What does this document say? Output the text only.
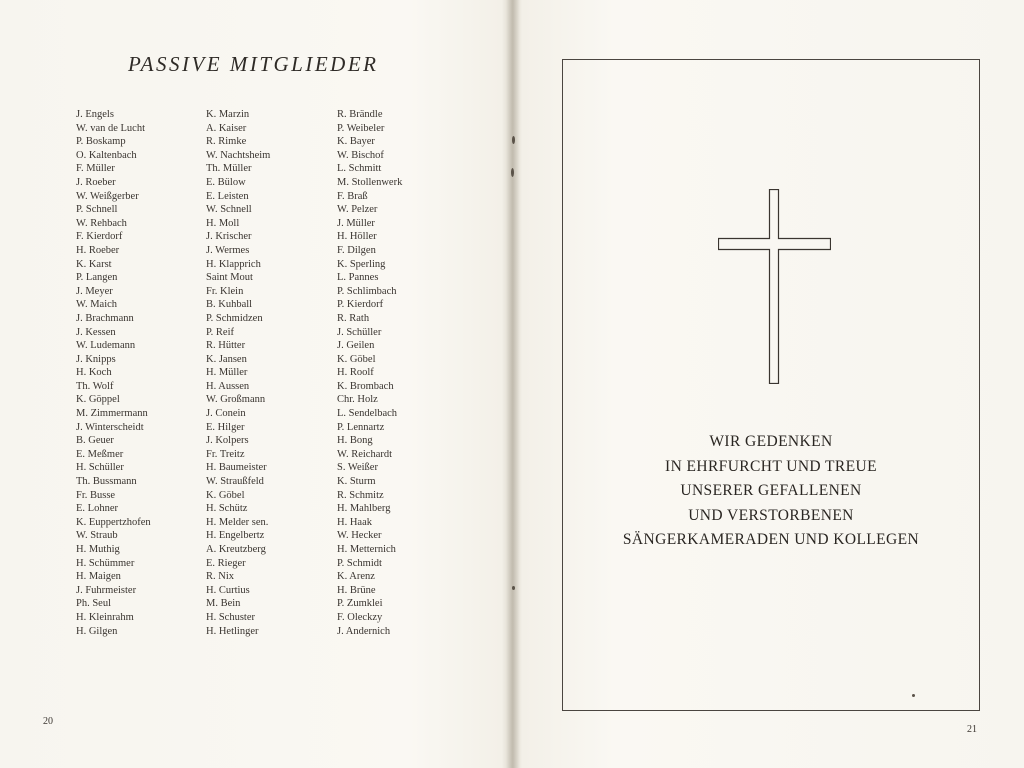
PASSIVE MITGLIEDER
J. Engels
W. van de Lucht
P. Boskamp
O. Kaltenbach
F. Müller
J. Roeber
W. Weißgerber
P. Schnell
W. Rehbach
F. Kierdorf
H. Roeber
K. Karst
P. Langen
J. Meyer
W. Maich
J. Brachmann
J. Kessen
W. Ludemann
J. Knipps
H. Koch
Th. Wolf
K. Göppel
M. Zimmermann
J. Winterscheidt
B. Geuer
E. Meßmer
H. Schüller
Th. Bussmann
Fr. Busse
E. Lohner
K. Euppertzhofen
W. Straub
H. Muthig
H. Schümmer
H. Maigen
J. Fuhrmeister
Ph. Seul
H. Kleinrahm
H. Gilgen
K. Marzin
A. Kaiser
R. Rimke
W. Nachtsheim
Th. Müller
E. Bülow
E. Leisten
W. Schnell
H. Moll
J. Krischer
J. Wermes
H. Klapprich
Saint Mout
Fr. Klein
B. Kuhball
P. Schmidzen
P. Reif
R. Hütter
K. Jansen
H. Müller
H. Aussen
W. Großmann
J. Conein
E. Hilger
J. Kolpers
Fr. Treitz
H. Baumeister
W. Straußfeld
K. Göbel
H. Schütz
H. Melder sen.
H. Engelbertz
A. Kreutzberg
E. Rieger
R. Nix
H. Curtius
M. Bein
H. Schuster
H. Hetlinger
R. Brändle
P. Weibeler
K. Bayer
W. Bischof
L. Schmitt
M. Stollenwerk
F. Braß
W. Pelzer
J. Müller
H. Höller
F. Dilgen
K. Sperling
L. Pannes
P. Schlimbach
P. Kierdorf
R. Rath
J. Schüller
J. Geilen
K. Göbel
H. Roolf
K. Brombach
Chr. Holz
L. Sendelbach
P. Lennartz
H. Bong
W. Reichardt
S. Weißer
K. Sturm
R. Schmitz
H. Mahlberg
H. Haak
W. Hecker
H. Metternich
P. Schmidt
K. Arenz
H. Brüne
P. Zumklei
F. Oleckzy
J. Andernich
20
WIR GEDENKEN
IN EHRFURCHT UND TREUE
UNSERER GEFALLENEN
UND VERSTORBENEN
SÄNGERKAMERADEN UND KOLLEGEN
21
